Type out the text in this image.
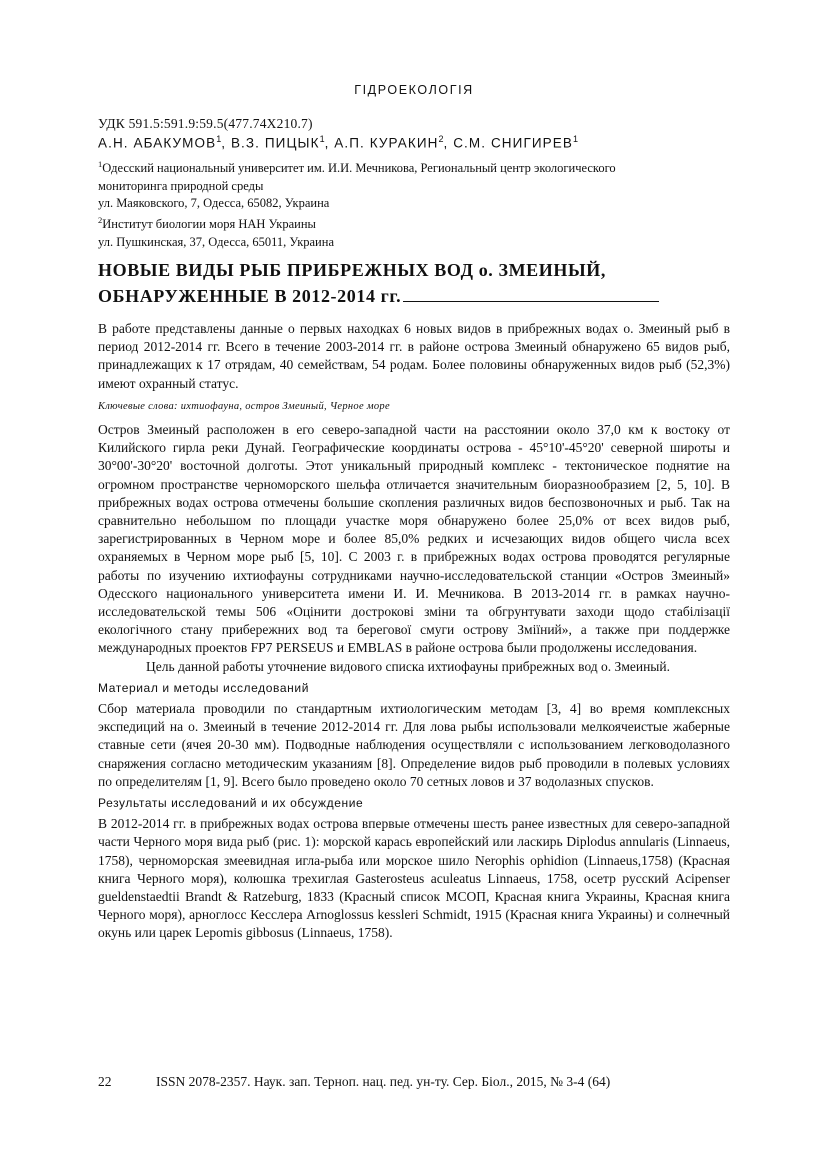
ГІДРОЕКОЛОГІЯ
УДК 591.5:591.9:59.5(477.74Х210.7)
А.Н. АБАКУМОВ$^1$, В.З. ПИЦЫК$^1$, А.П. КУРАКИН$^2$, С.М. СНИГИРЕВ$^1$
$^1$Одесский национальный университет им. И.И. Мечникова, Региональный центр экологического
мониторинга природной среды
ул. Маяковского, 7, Одесса, 65082, Украина
$^2$Институт биологии моря НАН Украины
ул. Пушкинская, 37, Одесса, 65011, Украина
НОВЫЕ ВИДЫ РЫБ ПРИБРЕЖНЫХ ВОД о. ЗМЕИНЫЙ,
ОБНАРУЖЕННЫЕ В 2012-2014 гг.
В работе представлены данные о первых находках 6 новых видов в прибрежных водах о. Змеиный рыб в период 2012-2014 гг. Всего в течение 2003-2014 гг. в районе острова Змеиный обнаружено 65 видов рыб, принадлежащих к 17 отрядам, 40 семействам, 54 родам. Более половины обнаруженных видов рыб (52,3%) имеют охранный статус.
Ключевые слова: ихтиофауна, остров Змеиный, Черное море

Остров Змеиный расположен в его северо-западной части на расстоянии около 37,0 км к востоку от Килийского гирла реки Дунай. Географические координаты острова - 45°10'-45°20' северной широты и 30°00'-30°20' восточной долготы. Этот уникальный природный комплекс - тектоническое поднятие на огромном пространстве черноморского шельфа отличается значительным биоразнообразием [2, 5, 10]. В прибрежных водах острова отмечены большие скопления различных видов беспозвоночных и рыб. Так на сравнительно небольшом по площади участке моря обнаружено более 25,0% от всех видов рыб, зарегистрированных в Черном море и более 85,0% редких и исчезающих видов общего числа всех охраняемых в Черном море рыб [5, 10]. С 2003 г. в прибрежных водах острова проводятся регулярные работы по изучению ихтиофауны сотрудниками научно-исследовательской станции «Остров Змеиный» Одесского национального университета имени И. И. Мечникова. В 2013-2014 гг. в рамках научно-исследовательской темы 506 «Оцінити дострокові зміни та обгрунтувати заходи щодо стабілізації екологічного стану прибережних вод та берегової смуги острову Зміїний», а также при поддержке международных проектов FP7 PERSEUS и EMBLAS в районе острова были продолжены исследования.

Цель данной работы уточнение видового списка ихтиофауны прибрежных вод о. Змеиный.

Материал и методы исследований

Сбор материала проводили по стандартным ихтиологическим методам [3, 4] во время комплексных экспедиций на о. Змеиный в течение 2012-2014 гг. Для лова рыбы использовали мелкоячеистые жаберные ставные сети (ячея 20-30 мм). Подводные наблюдения осуществляли с использованием легководолазного снаряжения согласно методическим указаниям [8]. Определение видов рыб проводили в полевых условиях по определителям [1, 9]. Всего было проведено около 70 сетных ловов и 37 водолазных спусков.

Результаты исследований и их обсуждение

В 2012-2014 гг. в прибрежных водах острова впервые отмечены шесть ранее известных для северо-западной части Черного моря вида рыб (рис. 1): морской карась европейский или ласкирь Diplodus annularis (Linnaeus, 1758), черноморская змеевидная игла-рыба или морское шило Nerophis ophidion (Linnaeus,1758) (Красная книга Черного моря), колюшка трехиглая Gasterosteus aculeatus Linnaeus, 1758, осетр русский Acipenser gueldenstaedtii Brandt & Ratzeburg, 1833 (Красный список МСОП, Красная книга Украины, Красная книга Черного моря), арноглосс Кесслера Arnoglossus kessleri Schmidt, 1915 (Красная книга Украины) и солнечный окунь или царек Lepomis gibbosus (Linnaeus, 1758).

22	ISSN 2078-2357. Наук. зап. Терноп. нац. пед. ун-ту. Сер. Біол., 2015, № 3-4 (64)
